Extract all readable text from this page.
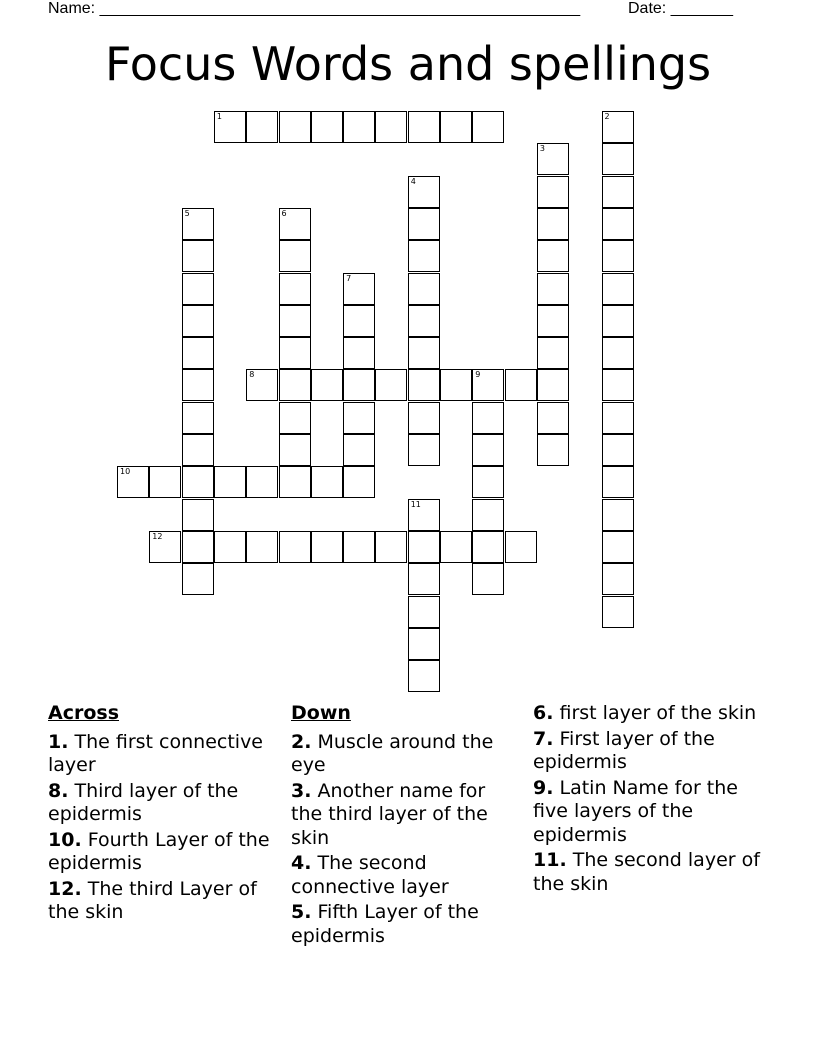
Name: ______________________________________________________	Date: _______
Focus Words and spellings
1	2
3
4
5	6
7
8	9
10
11
12
Across
1. The first connective layer
8. Third layer of the epidermis
10. Fourth Layer of the epidermis
12. The third Layer of the skin
Down
2. Muscle around the eye
3. Another name for the third layer of the skin
4. The second connective layer
5. Fifth Layer of the epidermis
6. first layer of the skin
7. First layer of the epidermis
9. Latin Name for the five layers of the epidermis
11. The second layer of the skin
